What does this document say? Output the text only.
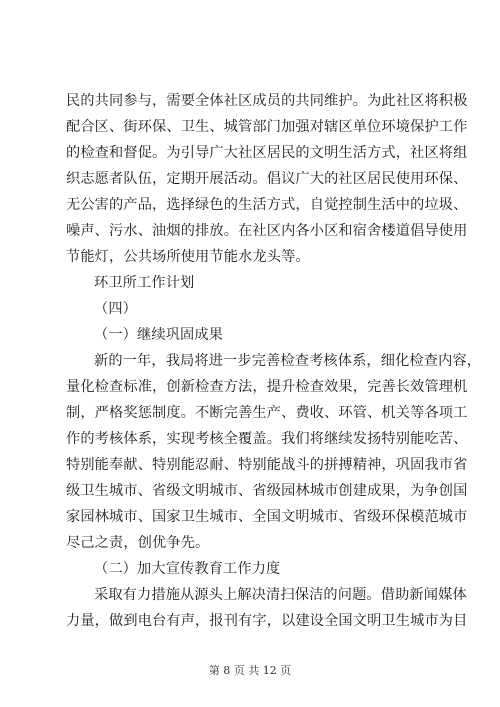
民的共同参与，需要全体社区成员的共同维护。为此社区将积极
配合区、街环保、卫生、城管部门加强对辖区单位环境保护工作
的检查和督促。为引导广大社区居民的文明生活方式，社区将组
织志愿者队伍，定期开展活动。倡议广大的社区居民使用环保、
无公害的产品，选择绿色的生活方式，自觉控制生活中的垃圾、
噪声、污水、油烟的排放。在社区内各小区和宿舍楼道倡导使用
节能灯，公共场所使用节能水龙头等。
环卫所工作计划
（四）
（一）继续巩固成果
新的一年，我局将进一步完善检查考核体系，细化检查内容，
量化检查标准，创新检查方法，提升检查效果，完善长效管理机
制，严格奖惩制度。不断完善生产、费收、环管、机关等各项工
作的考核体系，实现考核全覆盖。我们将继续发扬特别能吃苦、
特别能奉献、特别能忍耐、特别能战斗的拼搏精神，巩固我市省
级卫生城市、省级文明城市、省级园林城市创建成果，为争创国
家园林城市、国家卫生城市、全国文明城市、省级环保模范城市
尽己之责，创优争先。
（二）加大宣传教育工作力度
采取有力措施从源头上解决清扫保洁的问题。借助新闻媒体
力量，做到电台有声，报刊有字，以建设全国文明卫生城市为目
第 8 页 共 12 页
